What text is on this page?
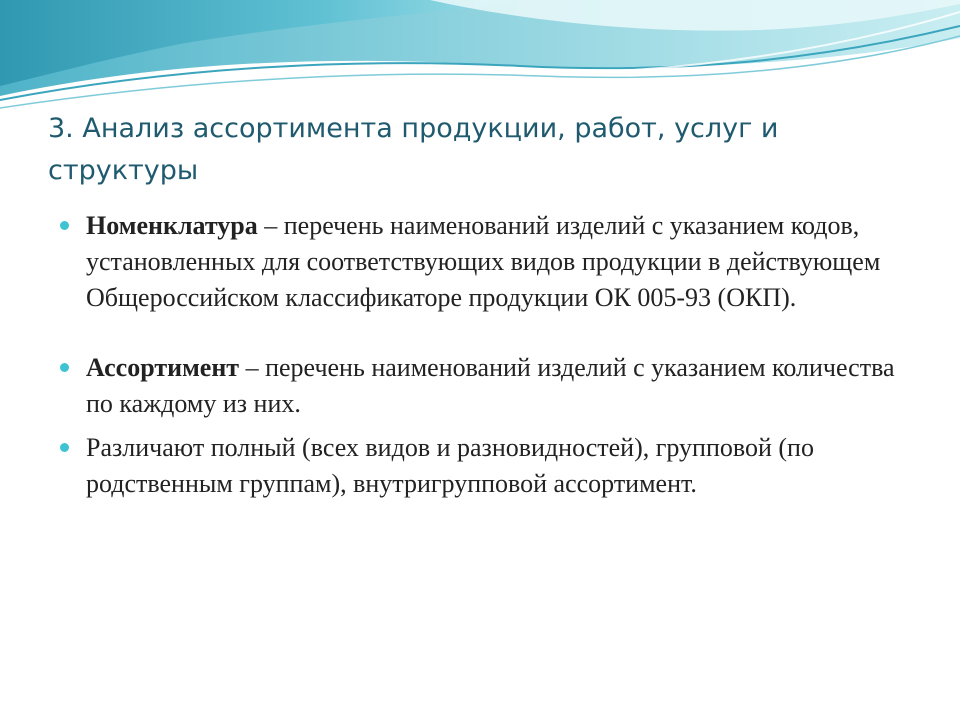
3. Анализ ассортимента продукции, работ, услуг и структуры
Номенклатура – перечень наименований изделий с указанием кодов, установленных для соответствующих видов продукции в действующем Общероссийском классификаторе продукции ОК 005-93 (ОКП).
Ассортимент – перечень наименований изделий с указанием количества по каждому из них.
Различают полный (всех видов и разновидностей), групповой (по родственным группам), внутригрупповой ассортимент.
